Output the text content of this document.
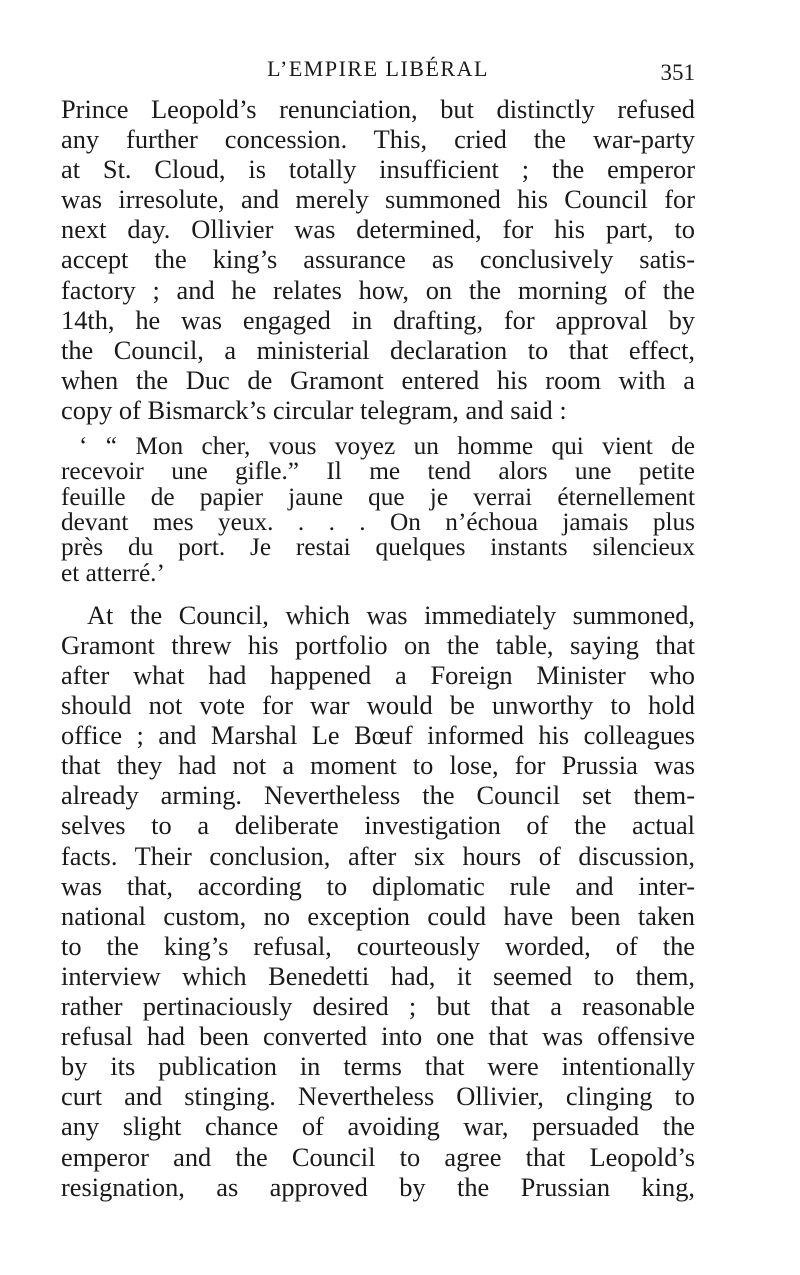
L’EMPIRE LIBÉRAL	351
Prince Leopold’s renunciation, but distinctly refused
any further concession. This, cried the war-party
at St. Cloud, is totally insufficient ; the emperor
was irresolute, and merely summoned his Council for
next day. Ollivier was determined, for his part, to
accept the king’s assurance as conclusively satis-
factory ; and he relates how, on the morning of the
14th, he was engaged in drafting, for approval by
the Council, a ministerial declaration to that effect,
when the Duc de Gramont entered his room with a
copy of Bismarck’s circular telegram, and said :
‘ “ Mon cher, vous voyez un homme qui vient de
recevoir une gifle.” Il me tend alors une petite
feuille de papier jaune que je verrai éternellement
devant mes yeux. . . . On n’échoua jamais plus
près du port. Je restai quelques instants silencieux
et atterré.’
At the Council, which was immediately summoned,
Gramont threw his portfolio on the table, saying that
after what had happened a Foreign Minister who
should not vote for war would be unworthy to hold
office ; and Marshal Le Bœuf informed his colleagues
that they had not a moment to lose, for Prussia was
already arming. Nevertheless the Council set them-
selves to a deliberate investigation of the actual
facts. Their conclusion, after six hours of discussion,
was that, according to diplomatic rule and inter-
national custom, no exception could have been taken
to the king’s refusal, courteously worded, of the
interview which Benedetti had, it seemed to them,
rather pertinaciously desired ; but that a reasonable
refusal had been converted into one that was offensive
by its publication in terms that were intentionally
curt and stinging. Nevertheless Ollivier, clinging to
any slight chance of avoiding war, persuaded the
emperor and the Council to agree that Leopold’s
resignation, as approved by the Prussian king,
